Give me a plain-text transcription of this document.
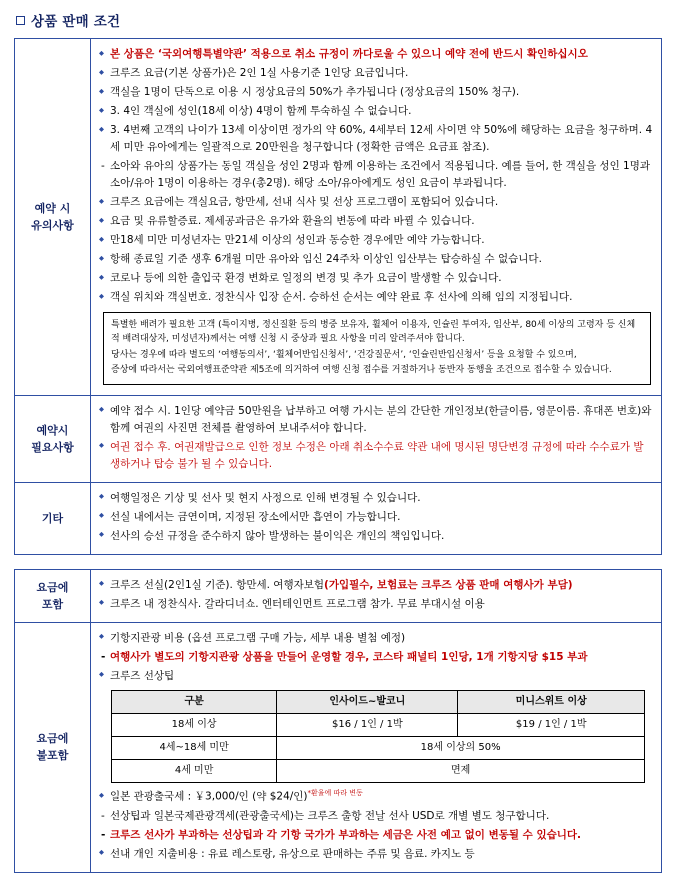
상품 판매 조건
예약 시
유의사항

◆ 본 상품은 ‘국외여행특별약관’ 적용으로 취소 규정이 까다로울 수 있으니 예약 전에 반드시 확인하십시오
◆ 크루즈 요금(기본 상품가)은 2인 1실 사용기준 1인당 요금입니다.
◆ 객실을 1명이 단독으로 이용 시 정상요금의 50%가 추가됩니다 (정상요금의 150% 청구).
◆ 3. 4인 객실에 성인(18세 이상) 4명이 함께 투숙하실 수 없습니다.
◆ 3. 4번째 고객의 나이가 13세 이상이면 정가의 약 60%, 4세부터 12세 사이면 약 50%에 해당하는 요금을 청구하며. 4세 미만 유아에게는 일괄적으로 20만원을 청구합니다 (정확한 금액은 요금표 참조).
- 소아와 유아의 상품가는 동일 객실을 성인 2명과 함께 이용하는 조건에서 적용됩니다. 예를 들어, 한 객실을 성인 1명과 소아/유아 1명이 이용하는 경우(총2명). 해당 소아/유아에게도 성인 요금이 부과됩니다.
◆ 크루즈 요금에는 객실요금, 항만세, 선내 식사 및 선상 프로그램이 포함되어 있습니다.
◆ 요금 및 유류할증료. 제세공과금은 유가와 환율의 변동에 따라 바뀔 수 있습니다.
◆ 만18세 미만 미성년자는 만21세 이상의 성인과 동승한 경우에만 예약 가능합니다.
◆ 항해 종료일 기준 생후 6개월 미만 유아와 임신 24주차 이상인 임산부는 탑승하실 수 없습니다.
◆ 코로나 등에 의한 출입국 환경 변화로 일정의 변경 및 추가 요금이 발생할 수 있습니다.
◆ 객실 위치와 객실번호. 정찬식사 입장 순서. 승하선 순서는 예약 완료 후 선사에 의해 임의 지정됩니다.

특별한 배려가 필요한 고객 (특이지병, 정신질환 등의 병중 보유자, 휠체어 이용자, 인슐린 투여자, 임산부, 80세 이상의 고령자 등 신체적 배려대상자, 미성년자)께서는 여행 신청 시 중상과 필요 사항을 미리 알려주셔야 합니다.

당사는 경우에 따라 별도의 ‘여행동의서’, ‘휠체어반입신청서’, ‘건강질문서’, ‘인슐린반입신청서’ 등을 요청할 수 있으며,

증상에 따라서는 국외여행표준약관 제5조에 의거하여 여행 신청 접수를 거절하거나 동반자 동행을 조건으로 접수할 수 있습니다.

예약시
필요사항

◆ 예약 접수 시. 1인당 예약금 50만원을 납부하고 여행 가시는 분의 간단한 개인정보(한글이름, 영문이름. 휴대폰 번호)와 함께 여권의 사진면 전체를 촬영하여 보내주셔야 합니다.
◆ 여권 접수 후. 여권재발급으로 인한 정보 수정은 아래 취소수수료 약관 내에 명시된 명단변경 규정에 따라 수수료가 발생하거나 탑승 불가 될 수 있습니다.

기타

◆ 여행일정은 기상 및 선사 및 현지 사정으로 인해 변경될 수 있습니다.
◆ 선실 내에서는 금연이며, 지정된 장소에서만 흡연이 가능합니다.
◆ 선사의 승선 규정을 준수하지 않아 발생하는 불이익은 개인의 책임입니다.
요금에
포함

◆ 크루즈 선실(2인1실 기준). 항만세. 여행자보험(가입필수, 보험료는 크루즈 상품 판매 여행사가 부담)
◆ 크루즈 내 정찬식사. 갈라디너쇼. 엔터테인먼트 프로그램 참가. 무료 부대시설 이용

요금에
불포함

◆ 기항지관광 비용 (옵션 프로그램 구매 가능, 세부 내용 별첨 예정)
- 여행사가 별도의 기항지관광 상품을 만들어 운영할 경우, 코스타 패널티 1인당, 1개 기항지당 $15 부과
◆ 크루즈 선상팁
구분	인사이드~발코니	미니스위트 이상
18세 이상	$16 / 1인 / 1박	$19 / 1인 / 1박
4세~18세 미만	18세 이상의 50%
4세 미만	면제
◆ 일본 관광출국세 : ￥3,000/인 (약 $24/인)$^{*환율에 따라 변동}$
- 선상팁과 일본국제관광객세(관광출국세)는 크루즈 출항 전날 선사 USD로 개별 별도 청구합니다.
- 크루즈 선사가 부과하는 선상팁과 각 기항 국가가 부과하는 세금은 사전 예고 없이 변동될 수 있습니다.
◆ 선내 개인 지출비용 : 유료 레스토랑, 유상으로 판매하는 주류 및 음료. 카지노 등
